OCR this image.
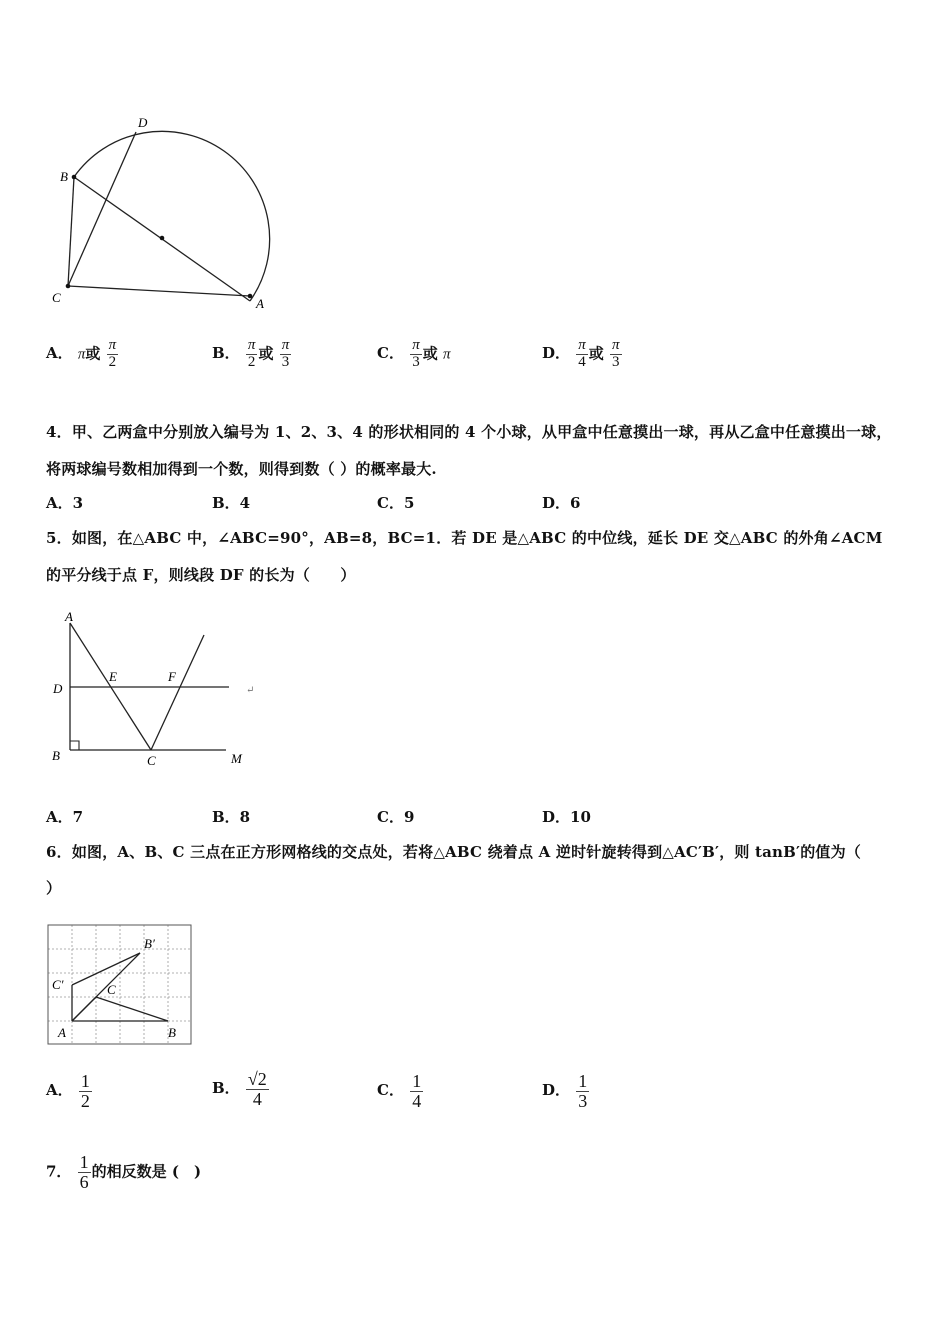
D
B
C	A
A． π或 $\frac{\pi}{2}$	B． $\frac{\pi}{2}$ 或 $\frac{\pi}{3}$	C． $\frac{\pi}{3}$ 或 π	D． $\frac{\pi}{4}$ 或 $\frac{\pi}{3}$
4．甲、乙两盒中分别放入编号为 1、2、3、4 的形状相同的 4 个小球，从甲盒中任意摸出一球，再从乙盒中任意摸出一球，
将两球编号数相加得到一个数，则得到数（ ）的概率最大.
A．3	B．4	C．5	D．6
5．如图，在△ABC 中，∠ABC=90°，AB=8，BC=1．若 DE 是△ABC 的中位线，延长 DE 交△ABC 的外角∠ACM
的平分线于点 F，则线段 DF 的长为（　　）
A
E	F
D
B	C	M
↵
A．7	B．8	C．9	D．10
6．如图，A、B、C 三点在正方形网格线的交点处，若将△ABC 绕着点 A 逆时针旋转得到△AC′B′，则 tanB′的值为（
）
B′
C′	C
A	B
A． $\frac{1}{2}$	B． $\frac{√2}{4}$	C． $\frac{1}{4}$	D． $\frac{1}{3}$
7． $\frac{1}{6}$ 的相反数是 (　)
